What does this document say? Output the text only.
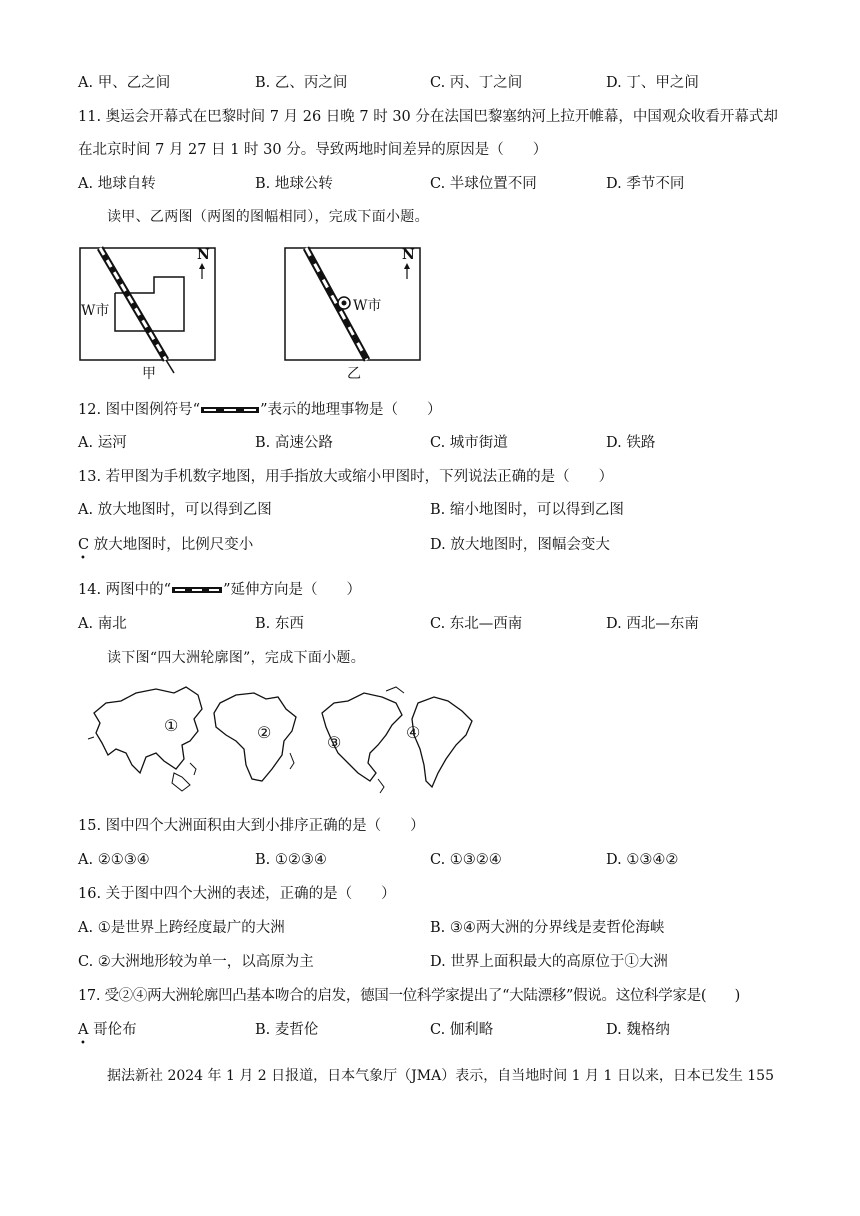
A. 甲、乙之间	B. 乙、丙之间	C. 丙、丁之间	D. 丁、甲之间
11. 奥运会开幕式在巴黎时间 7 月 26 日晚 7 时 30 分在法国巴黎塞纳河上拉开帷幕，中国观众收看开幕式却
在北京时间 7 月 27 日 1 时 30 分。导致两地时间差异的原因是（　　）
A. 地球自转	B. 地球公转	C. 半球位置不同	D. 季节不同
读甲、乙两图（两图的图幅相同），完成下面小题。
N
W市
甲
N
W市
乙
12. 图中图例符号“	”表示的地理事物是（　　）
A. 运河	B. 高速公路	C. 城市街道	D. 铁路
13. 若甲图为手机数字地图，用手指放大或缩小甲图时，下列说法正确的是（　　）
A. 放大地图时，可以得到乙图	B. 缩小地图时，可以得到乙图
C 放大地图时，比例尺变小
•
D. 放大地图时，图幅会变大
14. 两图中的“	”延伸方向是（　　）
A. 南北	B. 东西	C. 东北—西南	D. 西北—东南
读下图“四大洲轮廓图”，完成下面小题。
①	②
③
④
15. 图中四个大洲面积由大到小排序正确的是（　　）
A. ②①③④	B. ①②③④	C. ①③②④	D. ①③④②
16. 关于图中四个大洲的表述，正确的是（　　）
A. ①是世界上跨经度最广的大洲	B. ③④两大洲的分界线是麦哲伦海峡
C. ②大洲地形较为单一，以高原为主	D. 世界上面积最大的高原位于①大洲
17. 受②④两大洲轮廓凹凸基本吻合的启发，德国一位科学家提出了“大陆漂移”假说。这位科学家是(　　)
A 哥伦布
•
B. 麦哲伦	C. 伽利略	D. 魏格纳
据法新社 2024 年 1 月 2 日报道，日本气象厅（JMA）表示，自当地时间 1 月 1 日以来，日本已发生 155
